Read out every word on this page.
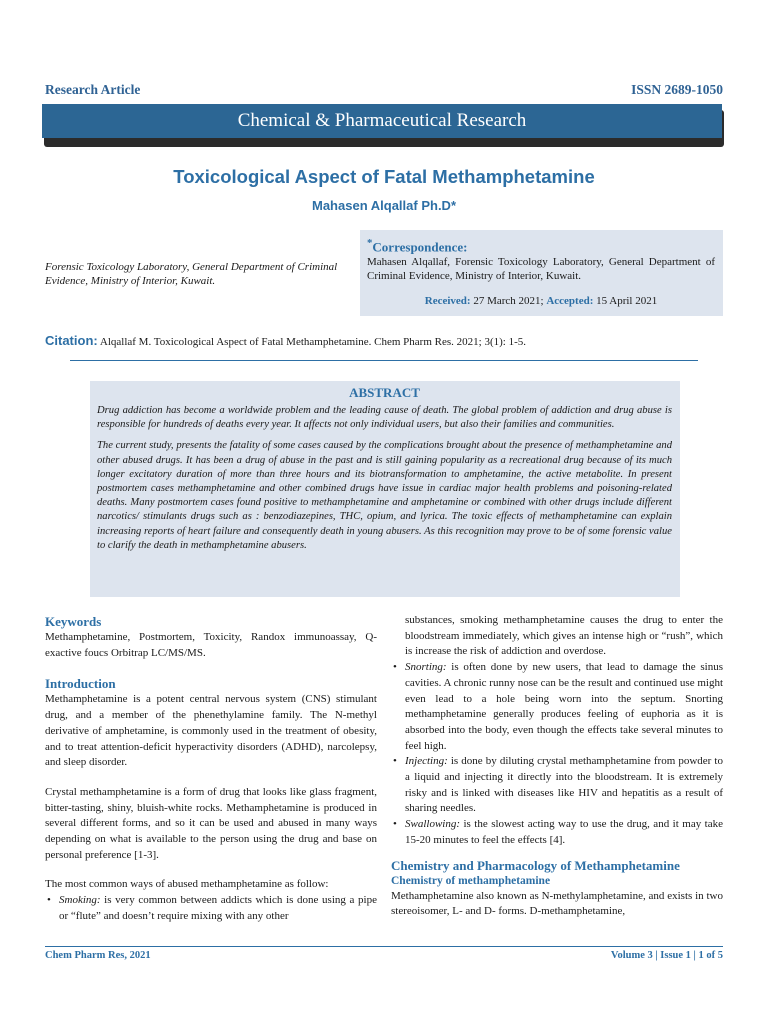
Research Article	ISSN 2689-1050
Chemical & Pharmaceutical Research
Toxicological Aspect of Fatal Methamphetamine
Mahasen Alqallaf Ph.D*
Forensic Toxicology Laboratory, General Department of Criminal Evidence, Ministry of Interior, Kuwait.
*Correspondence:
Mahasen Alqallaf, Forensic Toxicology Laboratory, General Department of Criminal Evidence, Ministry of Interior, Kuwait.
Received: 27 March 2021; Accepted: 15 April 2021
Citation: Alqallaf M. Toxicological Aspect of Fatal Methamphetamine. Chem Pharm Res. 2021; 3(1): 1-5.
ABSTRACT

Drug addiction has become a worldwide problem and the leading cause of death. The global problem of addiction and drug abuse is responsible for hundreds of deaths every year. It affects not only individual users, but also their families and communities.

The current study, presents the fatality of some cases caused by the complications brought about the presence of methamphetamine and other abused drugs. It has been a drug of abuse in the past and is still gaining popularity as a recreational drug because of its much longer excitatory duration of more than three hours and its biotransformation to amphetamine, the active metabolite. In present postmortem cases methamphetamine and other combined drugs have issue in cardiac major health problems and poisoning-related deaths. Many postmortem cases found positive to methamphetamine and amphetamine or combined with other drugs include different narcotics/ stimulants drugs such as : benzodiazepines, THC, opium, and lyrica. The toxic effects of methamphetamine can explain increasing reports of heart failure and consequently death in young abusers. As this recognition may prove to be of some forensic value to clarify the death in methamphetamine abusers.

Keywords

Methamphetamine, Postmortem, Toxicity, Randox immunoassay, Q-exactive foucs Orbitrap LC/MS/MS.

Introduction

Methamphetamine is a potent central nervous system (CNS) stimulant drug, and a member of the phenethylamine family. The N-methyl derivative of amphetamine, is commonly used in the treatment of obesity, and to treat attention-deficit hyperactivity disorders (ADHD), narcolepsy, and sleep disorder.

Crystal methamphetamine is a form of drug that looks like glass fragment, bitter-tasting, shiny, bluish-white rocks. Methamphetamine is produced in several different forms, and so it can be used and abused in many ways depending on what is available to the person using the drug and base on personal preference [1-3].

The most common ways of abused methamphetamine as follow:

• Smoking: is very common between addicts which is done using a pipe or “flute” and doesn’t require mixing with any other

substances, smoking methamphetamine causes the drug to enter the bloodstream immediately, which gives an intense high or “rush”, which is increase the risk of addiction and overdose.

• Snorting: is often done by new users, that lead to damage the sinus cavities. A chronic runny nose can be the result and continued use might even lead to a hole being worn into the septum. Snorting methamphetamine generally produces feeling of euphoria as it is absorbed into the body, even though the effects take several minutes to feel high.
• Injecting: is done by diluting crystal methamphetamine from powder to a liquid and injecting it directly into the bloodstream. It is extremely risky and is linked with diseases like HIV and hepatitis as a result of sharing needles.
• Swallowing: is the slowest acting way to use the drug, and it may take 15-20 minutes to feel the effects [4].
Chemistry and Pharmacology of Methamphetamine
Chemistry of methamphetamine

Methamphetamine also known as N-methylamphetamine, and exists in two stereoisomer, L- and D- forms. D-methamphetamine,

Chem Pharm Res, 2021	Volume 3 | Issue 1 | 1 of 5
